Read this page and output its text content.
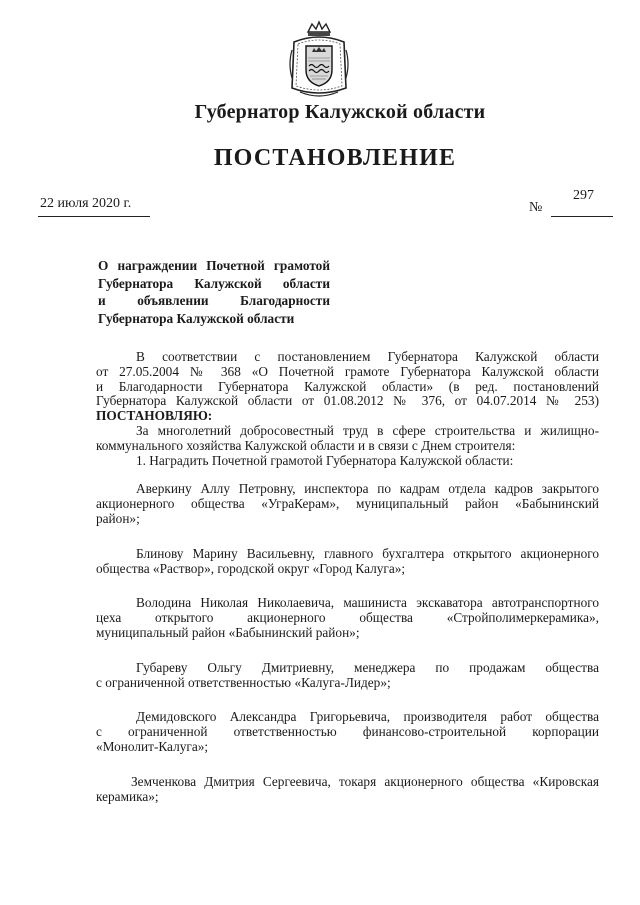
Губернатор Калужской области
ПОСТАНОВЛЕНИЕ
22 июля 2020 г.	№
297
О награждении Почетной грамотой
Губернатора Калужской области
и объявлении Благодарности
Губернатора Калужской области
В соответствии с постановлением Губернатора Калужской области
от 27.05.2004 № 368 «О Почетной грамоте Губернатора Калужской области
и Благодарности Губернатора Калужской области» (в ред. постановлений
Губернатора Калужской области от 01.08.2012 № 376, от 04.07.2014 № 253)
ПОСТАНОВЛЯЮ:
За многолетний добросовестный труд в сфере строительства и жилищно-
коммунального хозяйства Калужской области и в связи с Днем строителя:
1. Наградить Почетной грамотой Губернатора Калужской области:
Аверкину Аллу Петровну, инспектора по кадрам отдела кадров закрытого
акционерного общества «УграКерам», муниципальный район «Бабынинский
район»;
Блинову Марину Васильевну, главного бухгалтера открытого акционерного
общества «Раствор», городской округ «Город Калуга»;
Володина Николая Николаевича, машиниста экскаватора автотранспортного
цеха открытого акционерного общества «Стройполимеркерамика»,
муниципальный район «Бабынинский район»;
Губареву Ольгу Дмитриевну, менеджера по продажам общества
с ограниченной ответственностью «Калуга-Лидер»;
Демидовского Александра Григорьевича, производителя работ общества
с ограниченной ответственностью финансово-строительной корпорации
«Монолит-Калуга»;
Земченкова Дмитрия Сергеевича, токаря акционерного общества «Кировская
керамика»;
